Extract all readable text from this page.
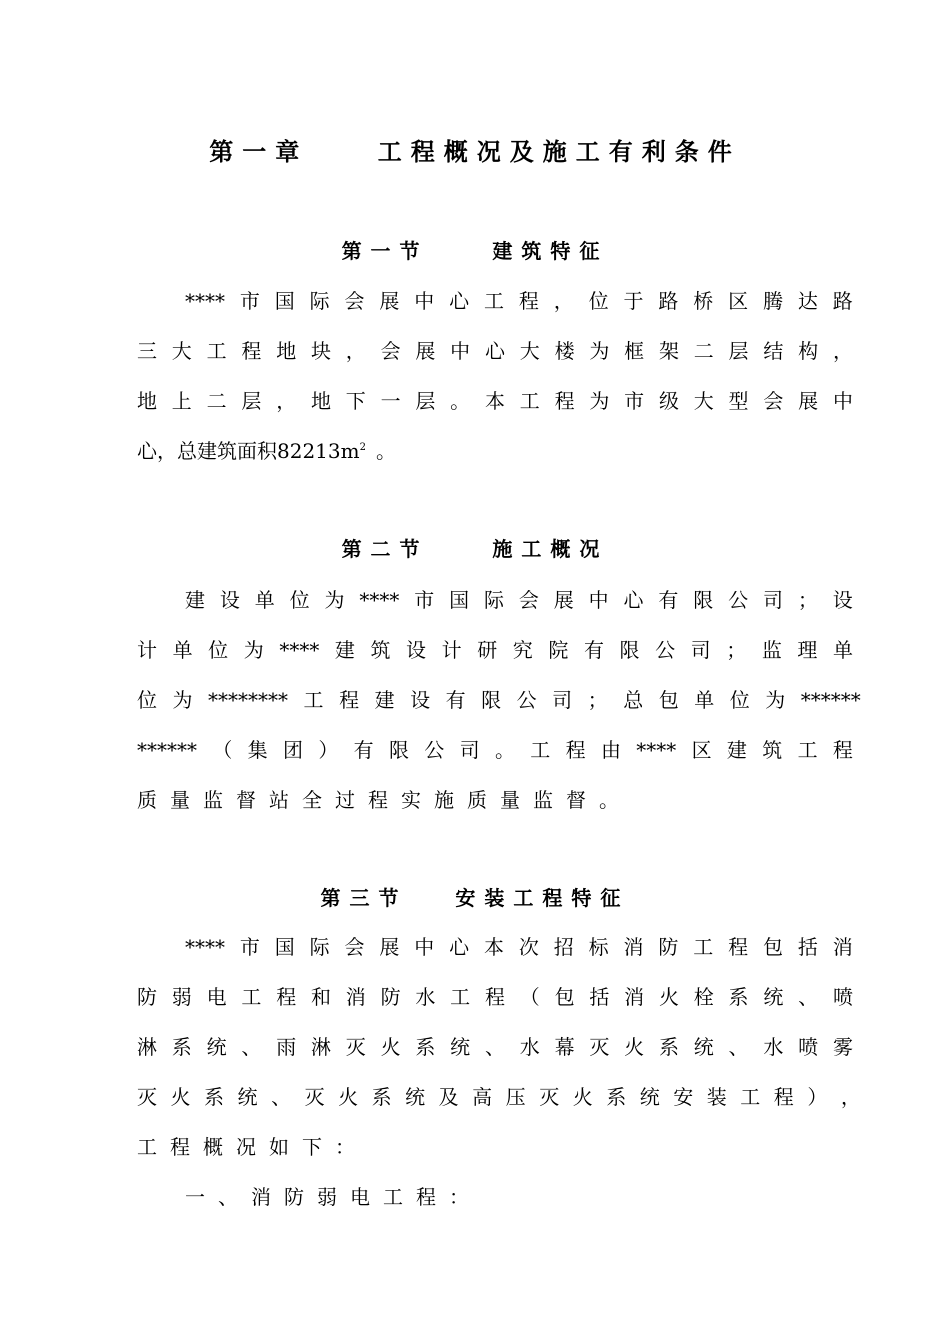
第一章    工程概况及施工有利条件
第一节    建筑特征
**** 市 国 际 会 展 中 心 工 程 ， 位 于 路 桥 区 腾 达 路
三 大 工 程 地 块 ， 会 展 中 心 大 楼 为 框 架 二 层 结 构 ，
地 上 二 层 ， 地 下 一 层 。 本 工 程 为 市 级 大 型 会 展 中
心，总建筑面积82213m $^2$ 。
第二节    施工概况
建 设 单 位 为 **** 市 国 际 会 展 中 心 有 限 公 司 ； 设
计 单 位 为 **** 建 筑 设 计 研 究 院 有 限 公 司 ； 监 理 单
位 为 ******** 工 程 建 设 有 限 公 司 ； 总 包 单 位 为 ******
****** （ 集 团 ） 有 限 公 司 。 工 程 由 **** 区 建 筑 工 程
质 量 监 督 站 全 过 程 实 施 质 量 监 督 。
第三节   安装工程特征
**** 市 国 际 会 展 中 心 本 次 招 标 消 防 工 程 包 括 消
防 弱 电 工 程 和 消 防 水 工 程 （ 包 括 消 火 栓 系 统 、 喷
淋 系 统 、 雨 淋 灭 火 系 统 、 水 幕 灭 火 系 统 、 水 喷 雾
灭 火 系 统 、 灭 火 系 统 及 高 压 灭 火 系 统 安 装 工 程 ） ，
工 程 概 况 如 下 ：
一 、 消 防 弱 电 工 程 ：
